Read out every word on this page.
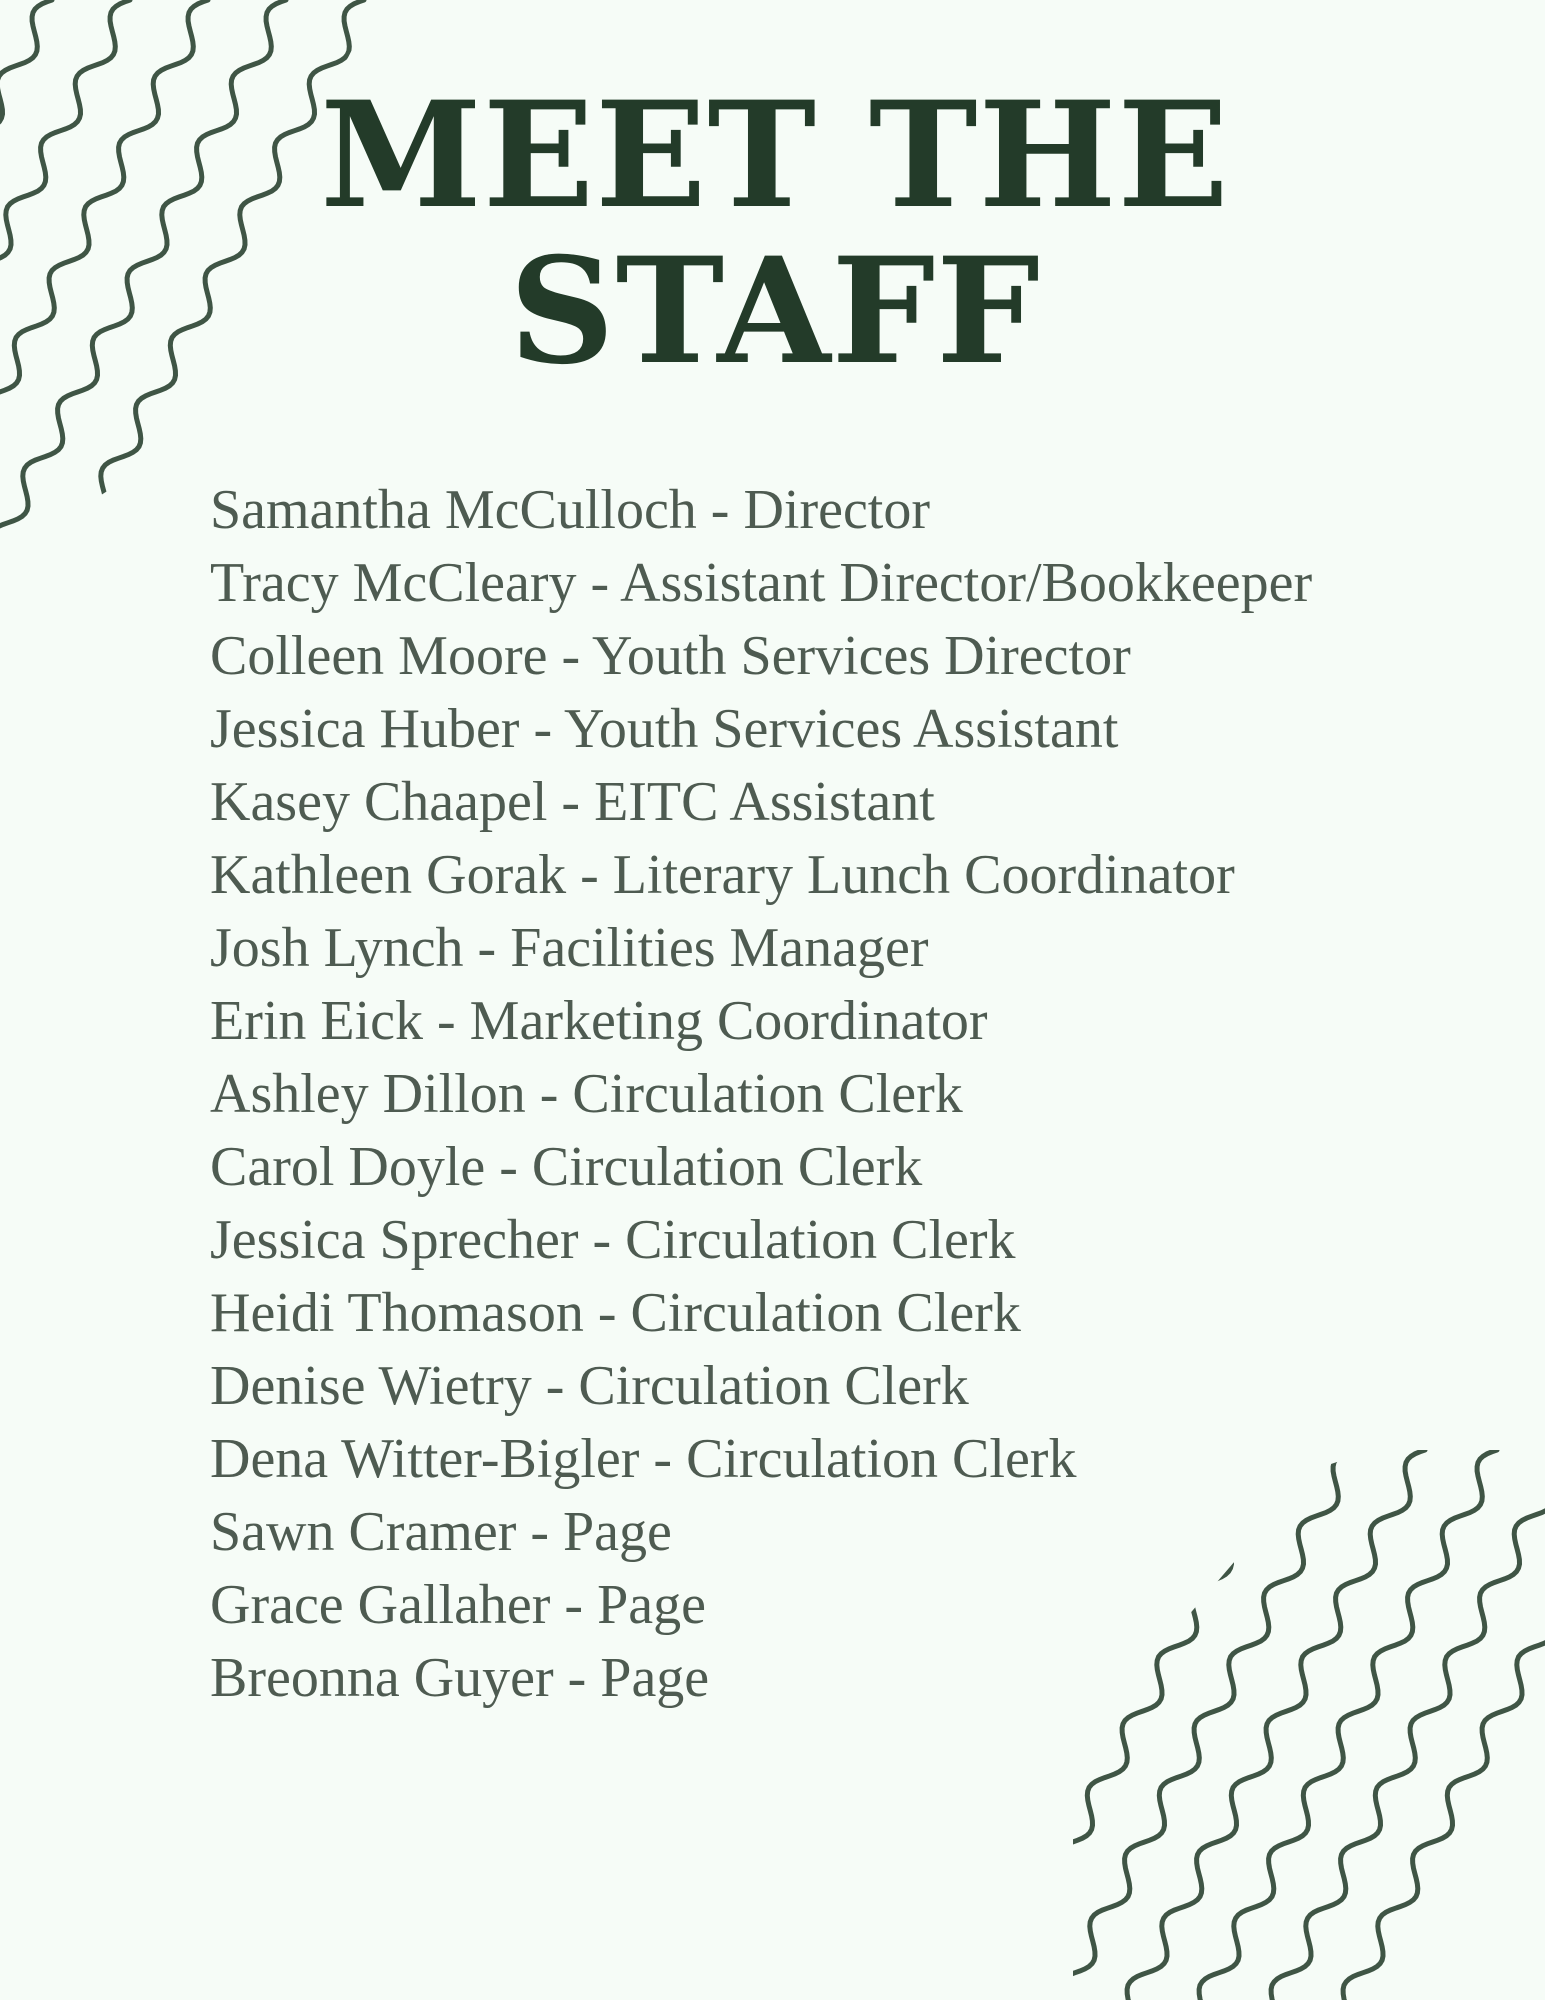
MEET THE
STAFF
Samantha McCulloch - Director
Tracy McCleary - Assistant Director/Bookkeeper
Colleen Moore - Youth Services Director
Jessica Huber - Youth Services Assistant
Kasey Chaapel - EITC Assistant
Kathleen Gorak - Literary Lunch Coordinator
Josh Lynch - Facilities Manager
Erin Eick - Marketing Coordinator
Ashley Dillon - Circulation Clerk
Carol Doyle - Circulation Clerk
Jessica Sprecher - Circulation Clerk
Heidi Thomason - Circulation Clerk
Denise Wietry - Circulation Clerk
Dena Witter-Bigler - Circulation Clerk
Sawn Cramer - Page
Grace Gallaher - Page
Breonna Guyer - Page
